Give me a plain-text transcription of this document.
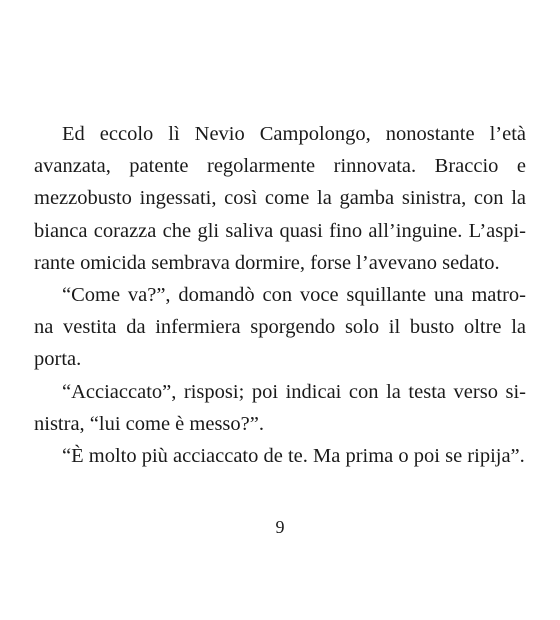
Ed eccolo lì Nevio Campolongo, nonostante l’età
avanzata, patente regolarmente rinnovata. Braccio e
mezzobusto ingessati, così come la gamba sinistra, con la
bianca corazza che gli saliva quasi fino all’inguine. L’aspi-
rante omicida sembrava dormire, forse l’avevano sedato.
“Come va?”, domandò con voce squillante una matro-
na vestita da infermiera sporgendo solo il busto oltre la
porta.
“Acciaccato”, risposi; poi indicai con la testa verso si-
nistra, “lui come è messo?”.
“È molto più acciaccato de te. Ma prima o poi se ripija”.
9
